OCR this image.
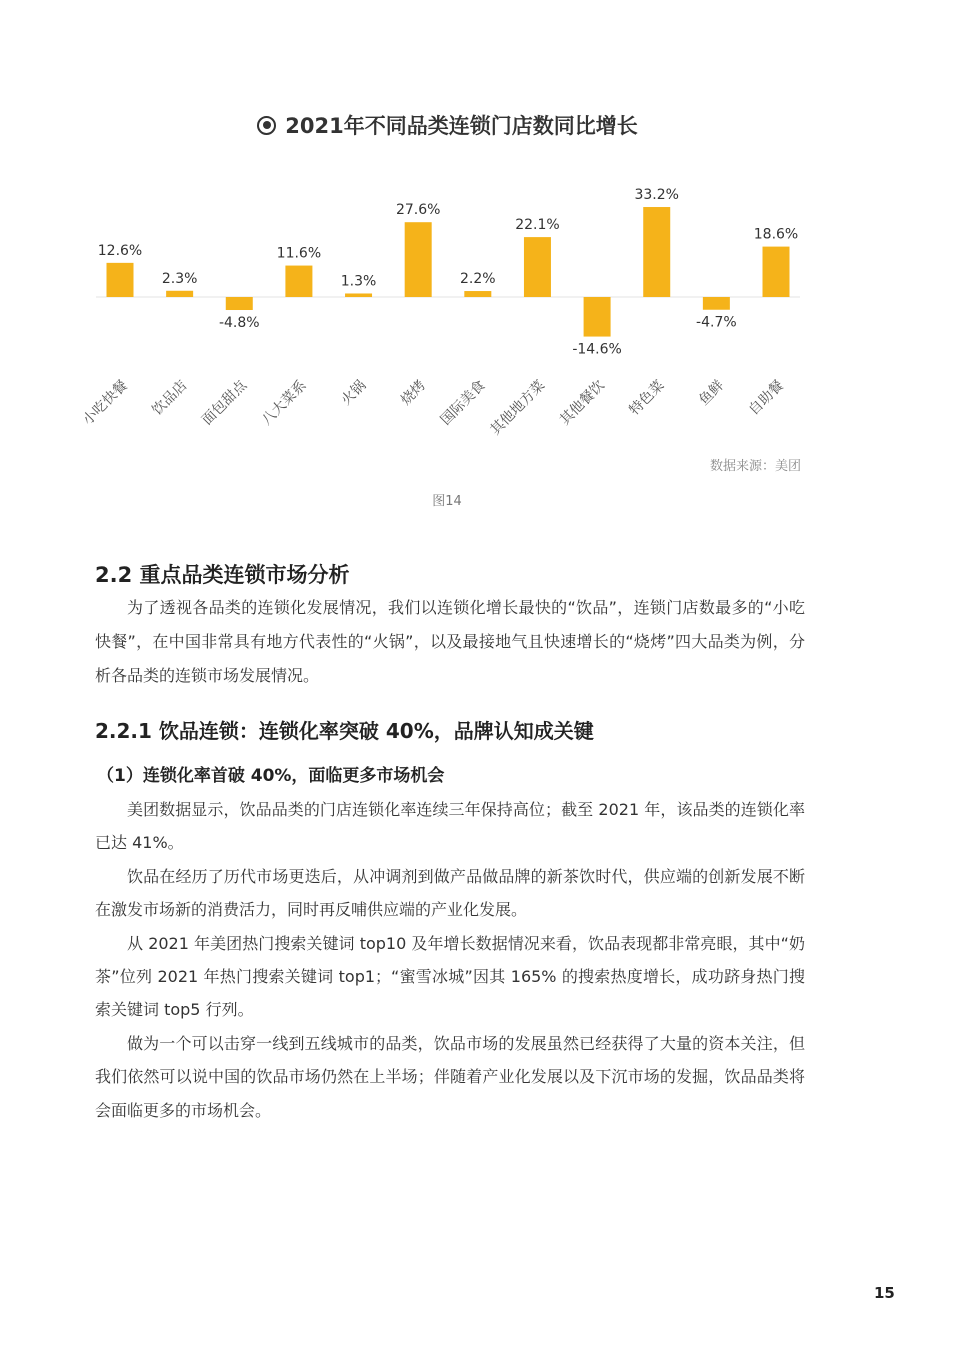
12.6%
小吃快餐
2.3%
饮品店
-4.8%
面包甜点
11.6%
八大菜系
1.3%
火锅
27.6%
烧烤
2.2%
国际美食
22.1%
其他地方菜
-14.6%
其他餐饮
33.2%
特色菜
-4.7%
鱼鲜
18.6%
自助餐
2021年不同品类连锁门店数同比增长
数据来源：美团
图14
2.2 重点品类连锁市场分析

为了透视各品类的连锁化发展情况，我们以连锁化增长最快的“饮品”，连锁门店数最多的“小吃快餐”，在中国非常具有地方代表性的“火锅”，以及最接地气且快速增长的“烧烤”四大品类为例，分析各品类的连锁市场发展情况。

2.2.1 饮品连锁：连锁化率突破 40%，品牌认知成关键
（1）连锁化率首破 40%，面临更多市场机会

美团数据显示，饮品品类的门店连锁化率连续三年保持高位；截至 2021 年，该品类的连锁化率已达 41%。

饮品在经历了历代市场更迭后，从冲调剂到做产品做品牌的新茶饮时代，供应端的创新发展不断在激发市场新的消费活力，同时再反哺供应端的产业化发展。

从 2021 年美团热门搜索关键词 top10 及年增长数据情况来看，饮品表现都非常亮眼，其中“奶茶”位列 2021 年热门搜索关键词 top1；“蜜雪冰城”因其 165% 的搜索热度增长，成功跻身热门搜索关键词 top5 行列。

做为一个可以击穿一线到五线城市的品类，饮品市场的发展虽然已经获得了大量的资本关注，但我们依然可以说中国的饮品市场仍然在上半场；伴随着产业化发展以及下沉市场的发掘，饮品品类将会面临更多的市场机会。

15
